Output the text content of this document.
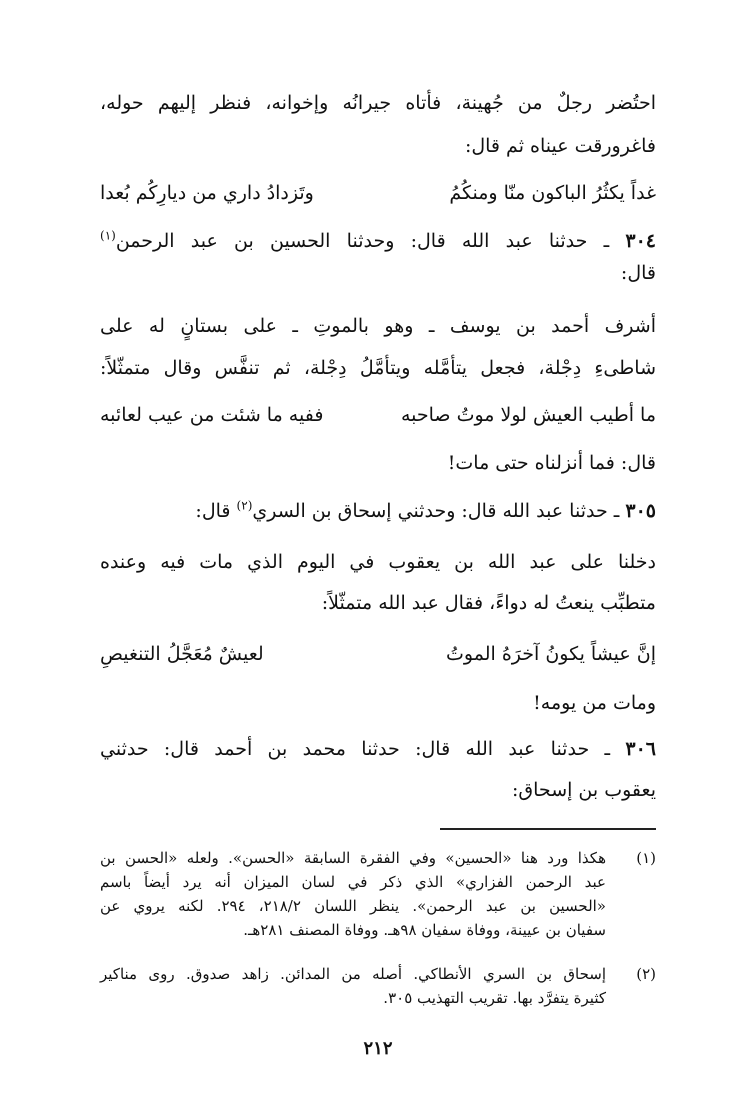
احتُضر رجلٌ من جُهينة، فأتاه جيرانُه وإخوانه، فنظر إليهم حوله،
فاغرورقت عيناه ثم قال:
غداً يكثُرُ الباكون منّا ومنكُمُ
وتَزدادُ داري من ديارِكُم بُعدا
٣٠٤ ـ حدثنا عبد الله قال: وحدثنا الحسين بن عبد الرحمن$^{(١)}$
قال:
أشرف أحمد بن يوسف ـ وهو بالموتِ ـ على بستانٍ له على
شاطىءِ دِجْلة، فجعل يتأمَّله ويتأمَّلُ دِجْلة، ثم تنفَّس وقال متمثّلاً:
ما أطيب العيش لولا موتُ صاحبه
ففيه ما شئت من عيب لعائبه
قال: فما أنزلناه حتى مات!
٣٠٥ ـ حدثنا عبد الله قال: وحدثني إسحاق بن السري$^{(٢)}$ قال:
دخلنا على عبد الله بن يعقوب في اليوم الذي مات فيه وعنده
متطبِّب ينعتُ له دواءً، فقال عبد الله متمثّلاً:
إنَّ عيشاً يكونُ آخرَهُ الموتُ
لعيشٌ مُعَجَّلُ التنغيصِ
ومات من يومه!
٣٠٦ ـ حدثنا عبد الله قال: حدثنا محمد بن أحمد قال: حدثني
يعقوب بن إسحاق:
(١)
هكذا ورد هنا «الحسين» وفي الفقرة السابقة «الحسن». ولعله «الحسن بن
عبد الرحمن الفزاري» الذي ذكر في لسان الميزان أنه يرد أيضاً باسم
«الحسين بن عبد الرحمن». ينظر اللسان ٢١٨/٢، ٢٩٤. لكنه يروي عن
سفيان بن عيينة، ووفاة سفيان ٩٨هـ. ووفاة المصنف ٢٨١هـ.
(٢)
إسحاق بن السري الأنطاكي. أصله من المدائن. زاهد صدوق. روى مناكير
كثيرة يتفرَّد بها. تقريب التهذيب ٣٠٥.
٢١٢
